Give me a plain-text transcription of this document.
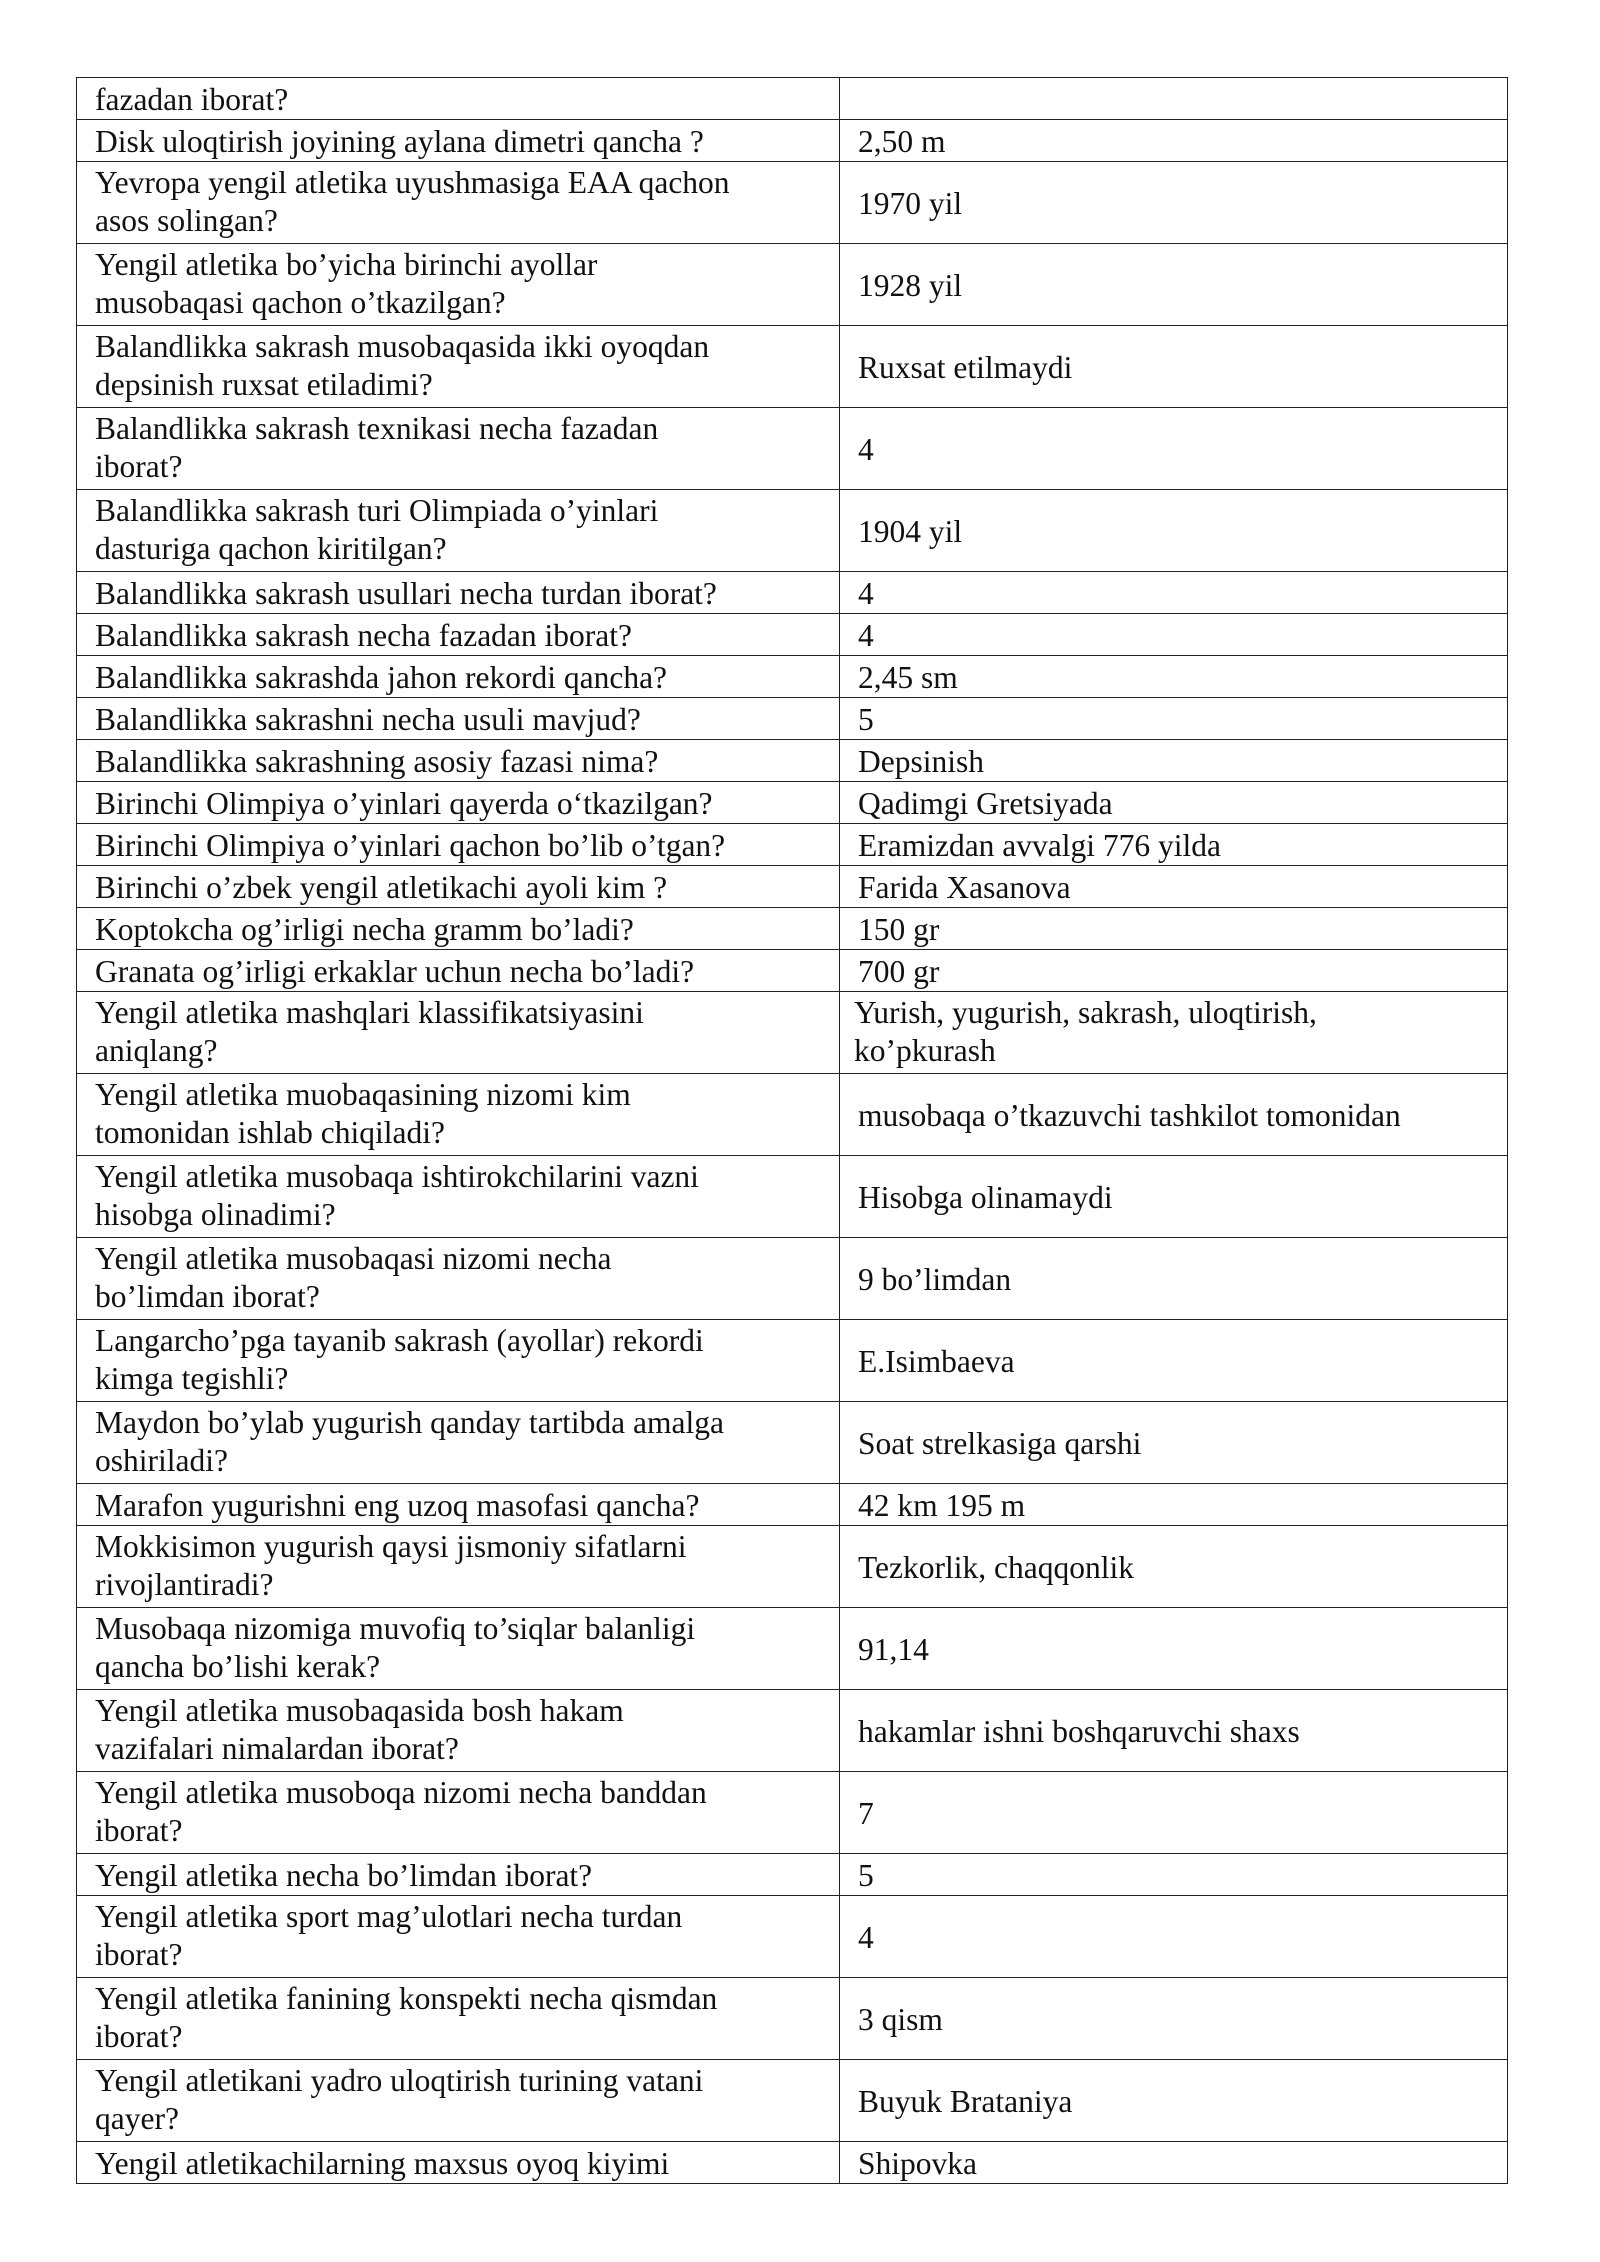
fazadan iborat?	
Disk uloqtirish joyining aylana dimetri qancha ?	2,50 m
Yevropa yengil atletika uyushmasiga EAA qachon
asos solingan?	1970 yil
Yengil atletika bo’yicha birinchi ayollar
musobaqasi qachon o’tkazilgan?	1928 yil
Balandlikka sakrash musobaqasida ikki oyoqdan
depsinish ruxsat etiladimi?	Ruxsat etilmaydi
Balandlikka sakrash texnikasi necha fazadan
iborat?	4
Balandlikka sakrash turi Olimpiada o’yinlari
dasturiga qachon kiritilgan?	1904 yil
Balandlikka sakrash usullari necha turdan iborat?	4
Balandlikka sakrash necha fazadan iborat?	4
Balandlikka sakrashda jahon rekordi qancha?	2,45 sm
Balandlikka sakrashni necha usuli mavjud?	5
Balandlikka sakrashning asosiy fazasi nima?	Depsinish
Birinchi Olimpiya o’yinlari qayerda o‘tkazilgan?	Qadimgi Gretsiyada
Birinchi Olimpiya o’yinlari qachon bo’lib o’tgan?	Eramizdan avvalgi 776 yilda
Birinchi o’zbek yengil atletikachi ayoli kim ?	Farida Xasanova
Koptokcha og’irligi necha gramm bo’ladi?	150 gr
Granata og’irligi erkaklar uchun necha bo’ladi?	700 gr
Yengil atletika mashqlari klassifikatsiyasini
aniqlang?	Yurish, yugurish, sakrash, uloqtirish,
ko’pkurash
Yengil atletika muobaqasining nizomi kim
tomonidan ishlab chiqiladi?	musobaqa o’tkazuvchi tashkilot tomonidan
Yengil atletika musobaqa ishtirokchilarini vazni
hisobga olinadimi?	Hisobga olinamaydi
Yengil atletika musobaqasi nizomi necha
bo’limdan iborat?	9 bo’limdan
Langarcho’pga tayanib sakrash (ayollar) rekordi
kimga tegishli?	E.Isimbaeva
Maydon bo’ylab yugurish qanday tartibda amalga
oshiriladi?	Soat strelkasiga qarshi
Marafon yugurishni eng uzoq masofasi qancha?	42 km 195 m
Mokkisimon yugurish qaysi jismoniy sifatlarni
rivojlantiradi?	Tezkorlik, chaqqonlik
Musobaqa nizomiga muvofiq to’siqlar balanligi
qancha bo’lishi kerak?	91,14
Yengil atletika musobaqasida bosh hakam
vazifalari nimalardan iborat?	hakamlar ishni boshqaruvchi shaxs
Yengil atletika musoboqa nizomi necha banddan
iborat?	7
Yengil atletika necha bo’limdan iborat?	5
Yengil atletika sport mag’ulotlari necha turdan
iborat?	4
Yengil atletika fanining konspekti necha qismdan
iborat?	3 qism
Yengil atletikani yadro uloqtirish turining vatani
qayer?	Buyuk Brataniya
Yengil atletikachilarning maxsus oyoq kiyimi	Shipovka
